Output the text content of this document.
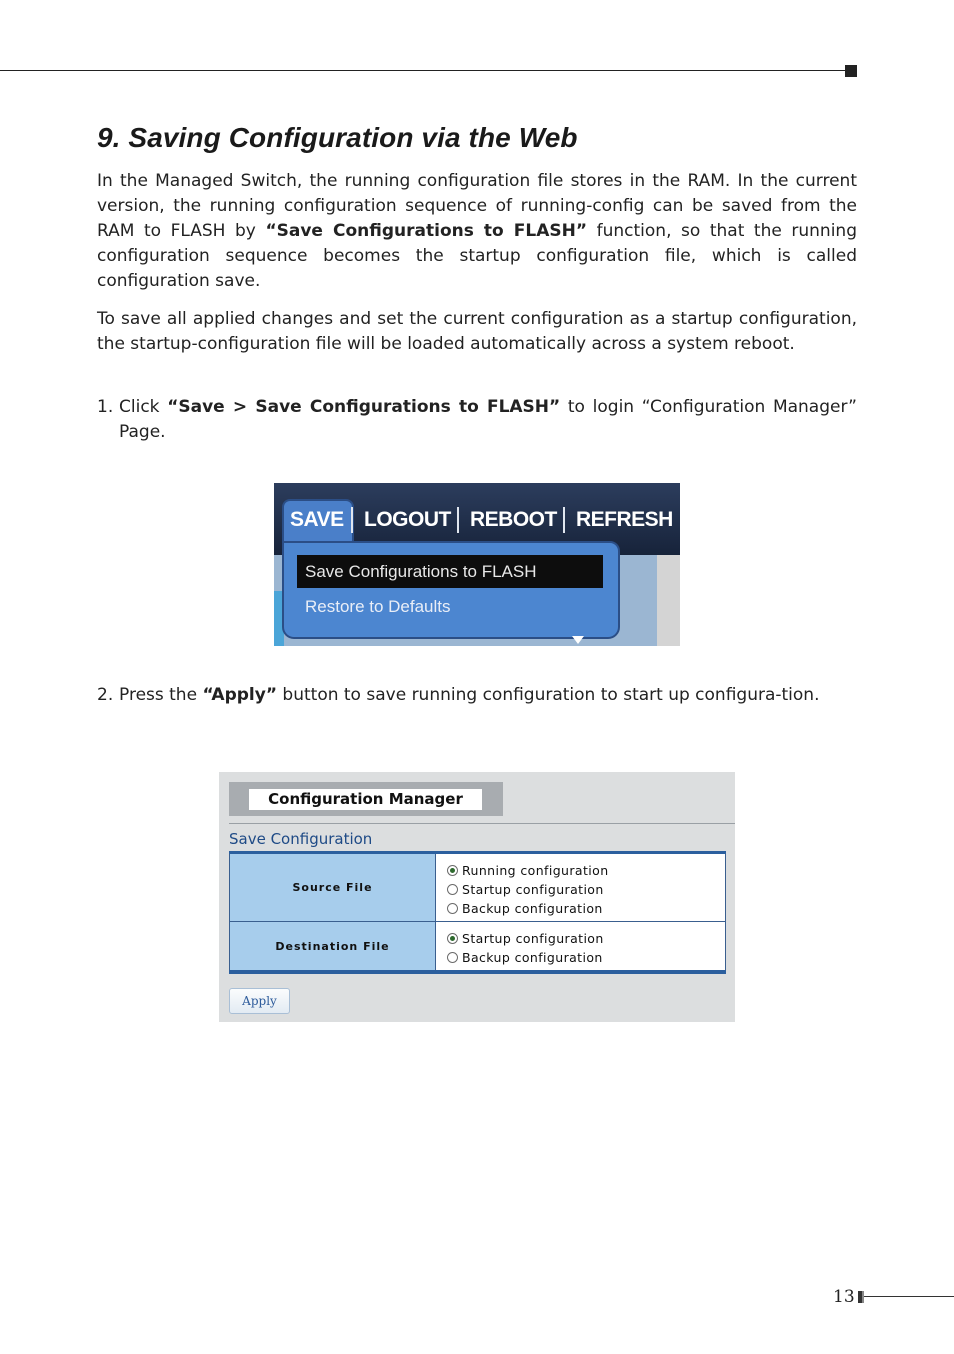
9. Saving Configuration via the Web

In the Managed Switch, the running configuration file stores in the RAM. In the current version, the running configuration sequence of running-config can be saved from the RAM to FLASH by “Save Configurations to FLASH” function, so that the running configuration sequence becomes the startup configuration file, which is called configuration save.

To save all applied changes and set the current configuration as a startup configuration, the startup-configuration file will be loaded automatically across a system reboot.

1. Click “Save > Save Configurations to FLASH” to login “Configuration Manager” Page.
SAVE LOGOUT REBOOT REFRESH
Save Configurations to FLASH
Restore to Defaults
2. Press the “Apply” button to save running configuration to start up configura-tion.
Configuration Manager
Save Configuration
Source File
Running configuration
Startup configuration
Backup configuration
Destination File	Startup configuration
Backup configuration
Apply
13
